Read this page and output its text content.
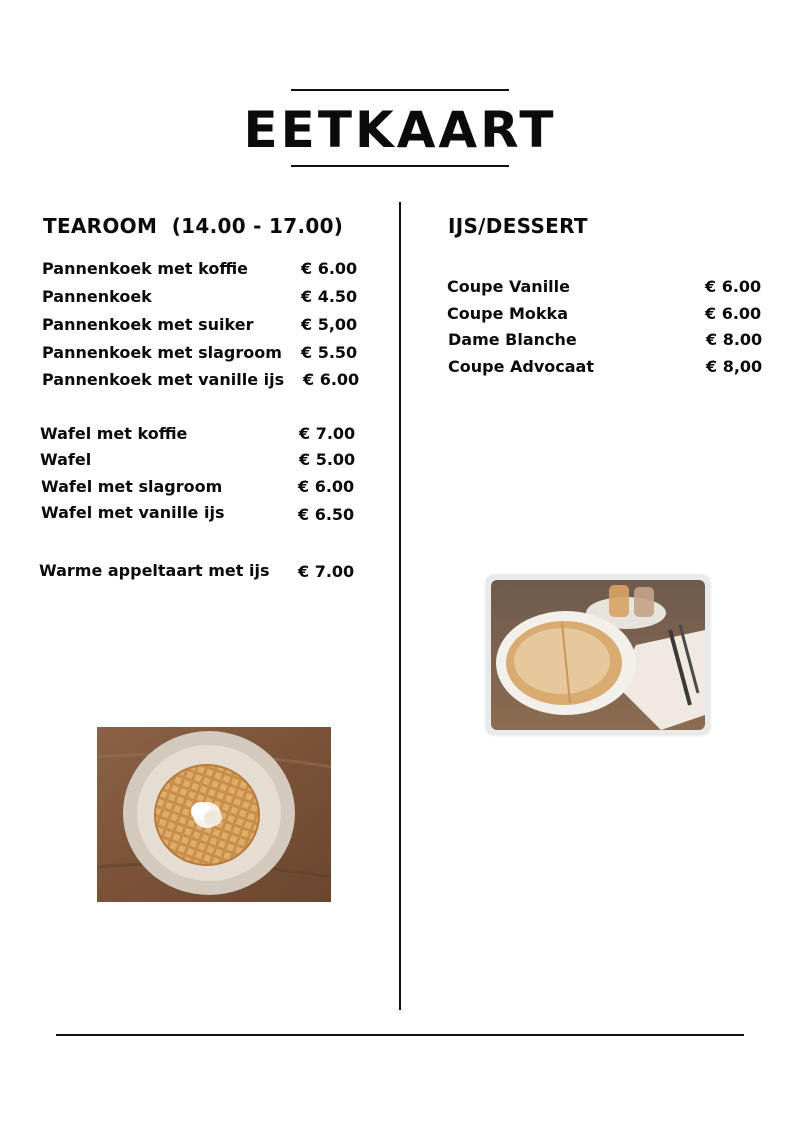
EETKAART
TEAROOM  (14.00 - 17.00)
Pannenkoek met koffie	€ 6.00
Pannenkoek	€ 4.50
Pannenkoek met suiker	€ 5,00
Pannenkoek met slagroom € 5.50
Pannenkoek met vanille ijs € 6.00
Wafel met koffie	€ 7.00
Wafel	€ 5.00
Wafel met slagroom	€ 6.00
Wafel met vanille ijs	€ 6.50
Warme appeltaart met ijs € 7.00
IJS/DESSERT
Coupe Vanille	€ 6.00
Coupe Mokka	€ 6.00
Dame Blanche	€ 8.00
Coupe Advocaat	€ 8,00
